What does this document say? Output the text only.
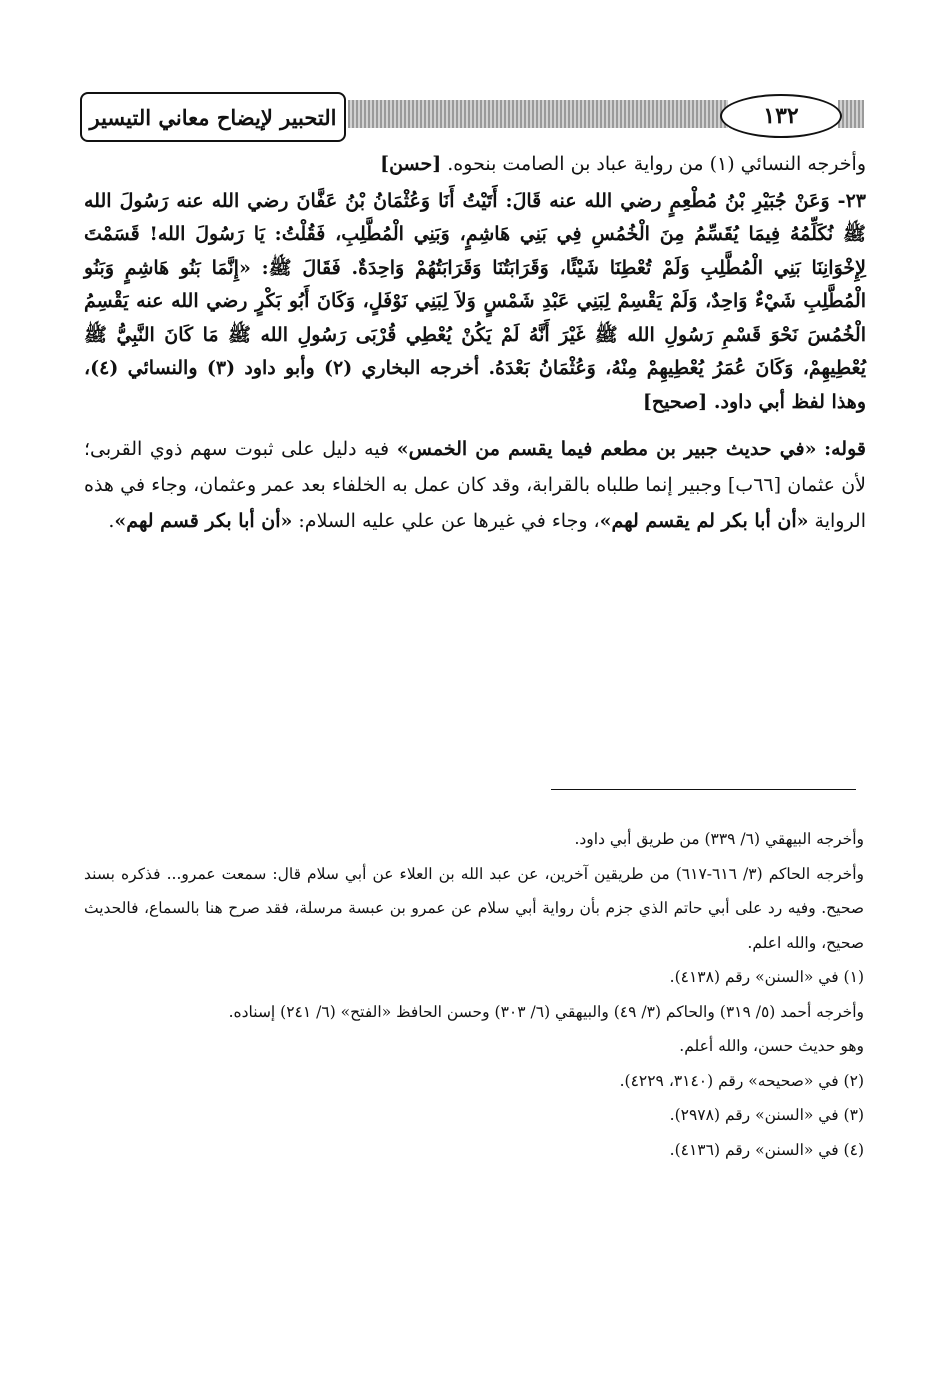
التحبير لإيضاح معاني التيسير	١٣٢

وأخرجه النسائي (١) من رواية عباد بن الصامت بنحوه. [حسن]

٢٣- وَعَنْ جُبَيْرِ بْنُ مُطْعِمٍ رضي الله عنه قَالَ: أَتَيْتُ أَنَا وَعُثْمَانُ بْنُ عَفَّانَ رضي الله عنه رَسُولَ الله ﷺ نُكَلِّمُهُ فِيمَا يُقَسِّمُ مِنَ الْخُمُسِ فِي بَنِي هَاشِمٍ، وَبَنِي الْمُطَّلِبِ، فَقُلْتُ: يَا رَسُولَ الله! قَسَمْتَ لِإِخْوَانِنَا بَنِي الْمُطَّلِبِ وَلَمْ تُعْطِنَا شَيْئًا، وَقَرَابَتُنَا وَقَرَابَتُهُمْ وَاحِدَةٌ. فَقَالَ ﷺ: «إِنَّمَا بَنُو هَاشِمٍ وَبَنُو الْمُطَّلِبِ شَيْءٌ وَاحِدٌ، وَلَمْ يَقْسِمْ لِبَنِي عَبْدِ شَمْسٍ وَلاَ لِبَنِي نَوْفَلٍ، وَكَانَ أَبُو بَكْرٍ رضي الله عنه يَقْسِمُ الْخُمُسَ نَحْوَ قَسْمِ رَسُولِ الله ﷺ غَيْرَ أَنَّهُ لَمْ يَكُنْ يُعْطِي قُرْبَى رَسُولِ الله ﷺ مَا كَانَ النَّبِيُّ ﷺ يُعْطِيهِمْ، وَكَانَ عُمَرُ يُعْطِيهِمْ مِنْهُ، وَعُثْمَانُ بَعْدَهُ. أخرجه البخاري (٢) وأبو داود (٣) والنسائي (٤)، وهذا لفظ أبي داود. [صحيح]

قوله: «في حديث جبير بن مطعم فيما يقسم من الخمس» فيه دليل على ثبوت سهم ذوي القربى؛ لأن عثمان [٦٦ب] وجبير إنما طلباه بالقرابة، وقد كان عمل به الخلفاء بعد عمر وعثمان، وجاء في هذه الرواية «أن أبا بكر لم يقسم لهم»، وجاء في غيرها عن علي عليه السلام: «أن أبا بكر قسم لهم».

وأخرجه البيهقي (٦/ ٣٣٩) من طريق أبي داود.

وأخرجه الحاكم (٣/ ٦١٦-٦١٧) من طريقين آخرين، عن عبد الله بن العلاء عن أبي سلام قال: سمعت عمرو... فذكره بسند صحيح. وفيه رد على أبي حاتم الذي جزم بأن رواية أبي سلام عن عمرو بن عبسة مرسلة، فقد صرح هنا بالسماع، فالحديث صحيح، والله اعلم.

(١) في «السنن» رقم (٤١٣٨).

وأخرجه أحمد (٥/ ٣١٩) والحاكم (٣/ ٤٩) والبيهقي (٦/ ٣٠٣) وحسن الحافظ «الفتح» (٦/ ٢٤١) إسناده.

وهو حديث حسن، والله أعلم.

(٢) في «صحيحه» رقم (٣١٤٠، ٤٢٢٩).

(٣) في «السنن» رقم (٢٩٧٨).

(٤) في «السنن» رقم (٤١٣٦).
